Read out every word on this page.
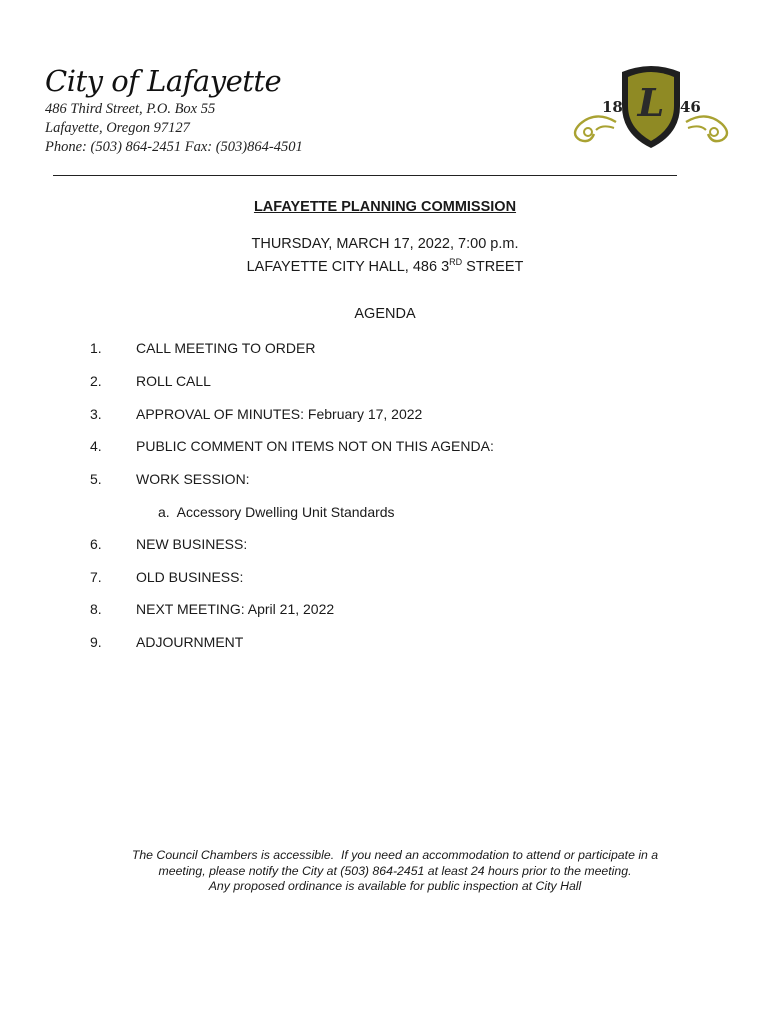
City of Lafayette
486 Third Street, P.O. Box 55
Lafayette, Oregon 97127
Phone: (503) 864-2451 Fax: (503)864-4501
18 L 46
LAFAYETTE PLANNING COMMISSION
THURSDAY, MARCH 17, 2022, 7:00 p.m.
LAFAYETTE CITY HALL, 486 3RD STREET
AGENDA
1. CALL MEETING TO ORDER
2. ROLL CALL
3. APPROVAL OF MINUTES: February 17, 2022
4. PUBLIC COMMENT ON ITEMS NOT ON THIS AGENDA:
5. WORK SESSION:
a.  Accessory Dwelling Unit Standards
6. NEW BUSINESS:
7. OLD BUSINESS:
8. NEXT MEETING: April 21, 2022
9. ADJOURNMENT
The Council Chambers is accessible.  If you need an accommodation to attend or participate in a
meeting, please notify the City at (503) 864-2451 at least 24 hours prior to the meeting.
Any proposed ordinance is available for public inspection at City Hall
